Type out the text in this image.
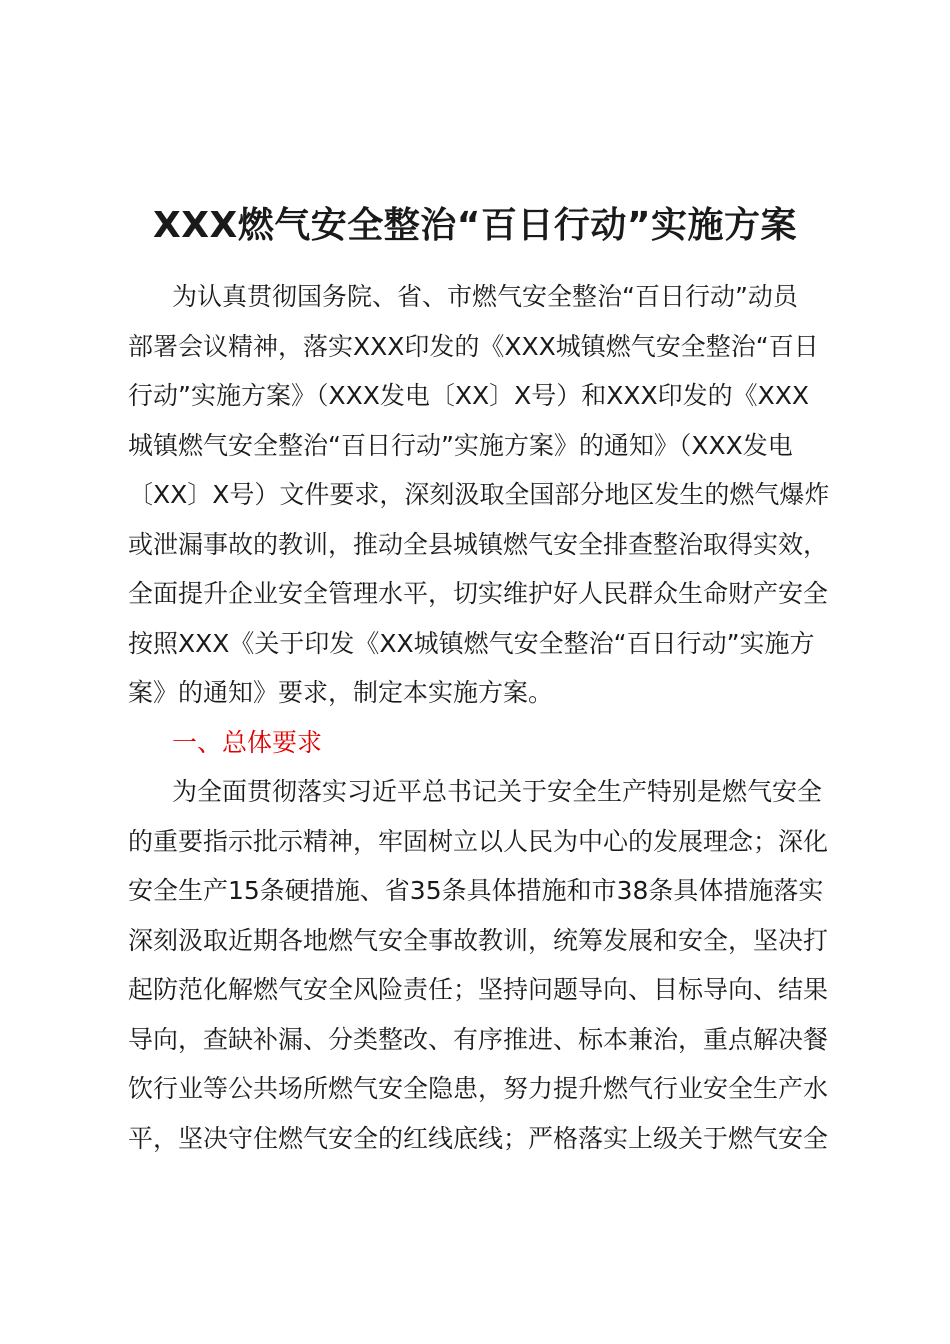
XXX燃气安全整治“百日行动”实施方案
为认真贯彻国务院、省、市燃气安全整治“百日行动”动员
部署会议精神，落实XXX印发的《XXX城镇燃气安全整治“百日
行动”实施方案》（XXX发电〔XX〕X号）和XXX印发的《XXX
城镇燃气安全整治“百日行动”实施方案》的通知》（XXX发电
〔XX〕X号）文件要求，深刻汲取全国部分地区发生的燃气爆炸
或泄漏事故的教训，推动全县城镇燃气安全排查整治取得实效，
全面提升企业安全管理水平，切实维护好人民群众生命财产安全
按照XXX《关于印发《XX城镇燃气安全整治“百日行动”实施方
案》的通知》要求，制定本实施方案。
一、总体要求
为全面贯彻落实习近平总书记关于安全生产特别是燃气安全
的重要指示批示精神，牢固树立以人民为中心的发展理念；深化
安全生产15条硬措施、省35条具体措施和市38条具体措施落实
深刻汲取近期各地燃气安全事故教训，统筹发展和安全，坚决打
起防范化解燃气安全风险责任；坚持问题导向、目标导向、结果
导向，查缺补漏、分类整改、有序推进、标本兼治，重点解决餐
饮行业等公共场所燃气安全隐患，努力提升燃气行业安全生产水
平，坚决守住燃气安全的红线底线；严格落实上级关于燃气安全
